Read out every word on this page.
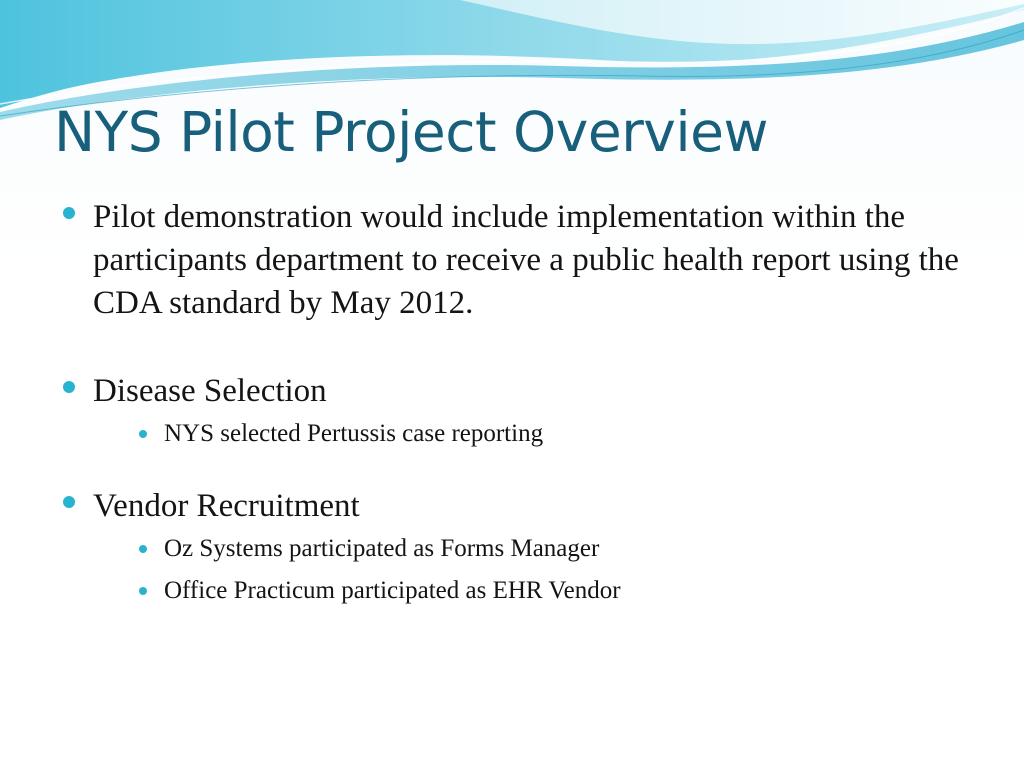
NYS Pilot Project Overview
Pilot demonstration would include implementation within the participants department to receive a public health report using the CDA standard by May 2012.
Disease Selection
NYS selected Pertussis case reporting
Vendor Recruitment
Oz Systems participated as Forms Manager
Office Practicum participated as EHR Vendor
